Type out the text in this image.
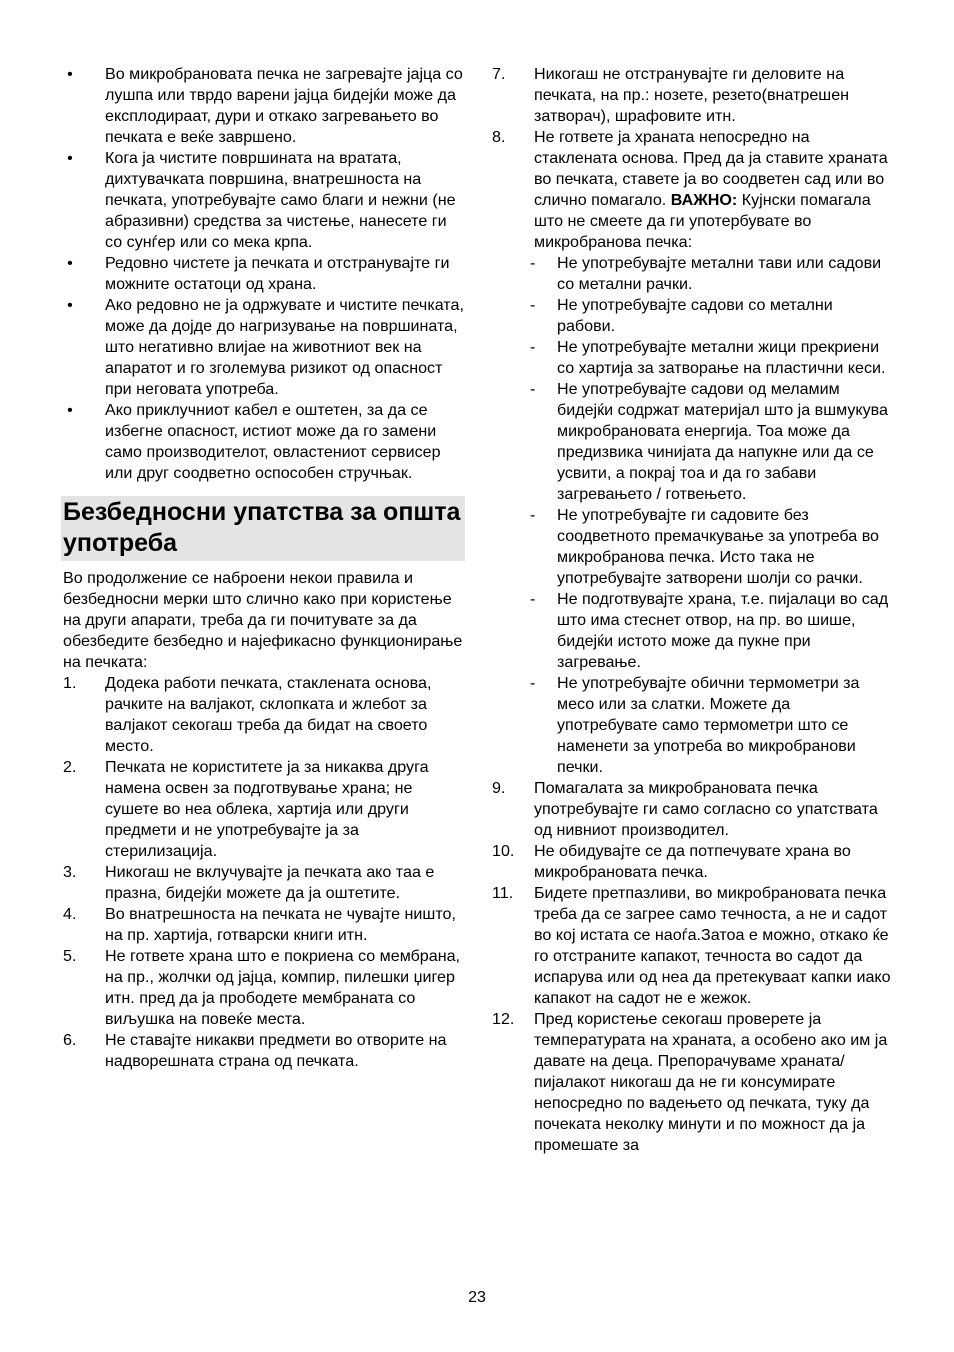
• Во микробрановата печка не загревајте јајца со лушпа или тврдо варени јајца бидејќи може да експлодираат, дури и откако загревањето во печката е веќе завршено.
• Кога ја чистите површината на вратата, дихтувачката површина, внатрешноста на печката, употребувајте само благи и нежни (не абразивни) средства за чистење, нанесете ги со сунѓер или со мека крпа.
• Редовно чистете ја печката и отстранувајте ги можните остатоци од храна.
• Ако редовно не ја одржувате и чистите печката, може да дојде до нагризување на површината, што негативно влијае на животниот век на апаратот и го зголемува ризикот од опасност при неговата употреба.
• Ако приклучниот кабел е оштетен, за да се избегне опасност, истиот може да го замени само производителот, овластениот сервисер или друг соодветно оспособен стручњак.
Безбедносни упатства за општа употреба

Во продолжение се наброени некои правила и безбедносни мерки што слично како при користење на други апарати, треба да ги почитувате за да обезбедите безбедно и најефикасно функционирање на печката:

1. Додека работи печката, стаклената основа, рачките на валјакот, склопката и жлебот за валјакот секогаш треба да бидат на своето место.
2. Печката не користитете ја за никаква друга намена освен за подготвување храна; не сушете во неа облека, хартија или други предмети и не употребувајте ја за стерилизација.
3. Никогаш не вклучувајте ја печката ако таа е празна, бидејќи можете да ја оштетите.
4. Во внатрешноста на печката не чувајте ништо, на пр. хартија, готварски книги итн.
5. Не гответе храна што е покриена со мембрана, на пр., жолчки од јајца, компир, пилешки џигер итн. пред да ја прободете мембраната со виљушка на повеќе места.
6. Не ставајте никакви предмети во отворите на надворешната страна од печката.
7. Никогаш не отстранувајте ги деловите на печката, на пр.: нозете, резето(внатрешен затворач), шрафовите итн.
8. Не гответе ја храната непосредно на стаклената основа. Пред да ја ставите храната во печката, ставете ја во соодветен сад или во слично помагало. ВАЖНО: Кујнски помагала што не смеете да ги употербувате во микробранова печка:
- Не употребувајте метални тави или садови со метални рачки.
- Не употребувајте садови со метални рабови.
- Не употребувајте метални жици прекриени со хартија за затворање на пластични кеси.
- Не употребувајте садови од меламим бидејќи содржат материјал што ја вшмукува микробрановата енергија. Тоа може да предизвика чинијата да напукне или да се усвити, а покрај тоа и да го забави загревањето / готвењето.
- Не употребувајте ги садовите без соодветното премачкување за употреба во микробранова печка. Исто така не употребувајте затворени шолји со рачки.
- Не подготвувајте храна, т.е. пијалаци во сад што има стеснет отвор, на пр. во шише, бидејќи истото може да пукне при загревање.
- Не употребувајте обични термометри за месо или за слатки. Можете да употребувате само термометри што се наменети за употреба во микробранови печки.
9. Помагалата за микробрановата печка употребувајте ги само согласно со упатствата од нивниот производител.
10. Не обидувајте се да потпечувате храна во микробрановата печка.
11. Бидете претпазливи, во микробрановата печка треба да се загрее само течноста, а не и садот во кој истата се наоѓа.Затоа е можно, откако ќе го отстраните капакот, течноста во садот да испарува или од неа да претекуваат капки иако капакот на садот не е жежок.
12. Пред користење секогаш проверете ја температурата на храната, а особено ако им ја давате на деца. Препорачуваме храната/пијалакот никогаш да не ги консумирате непосредно по вадењето од печката, туку да почеката неколку минути и по можност да ја промешате за
23
